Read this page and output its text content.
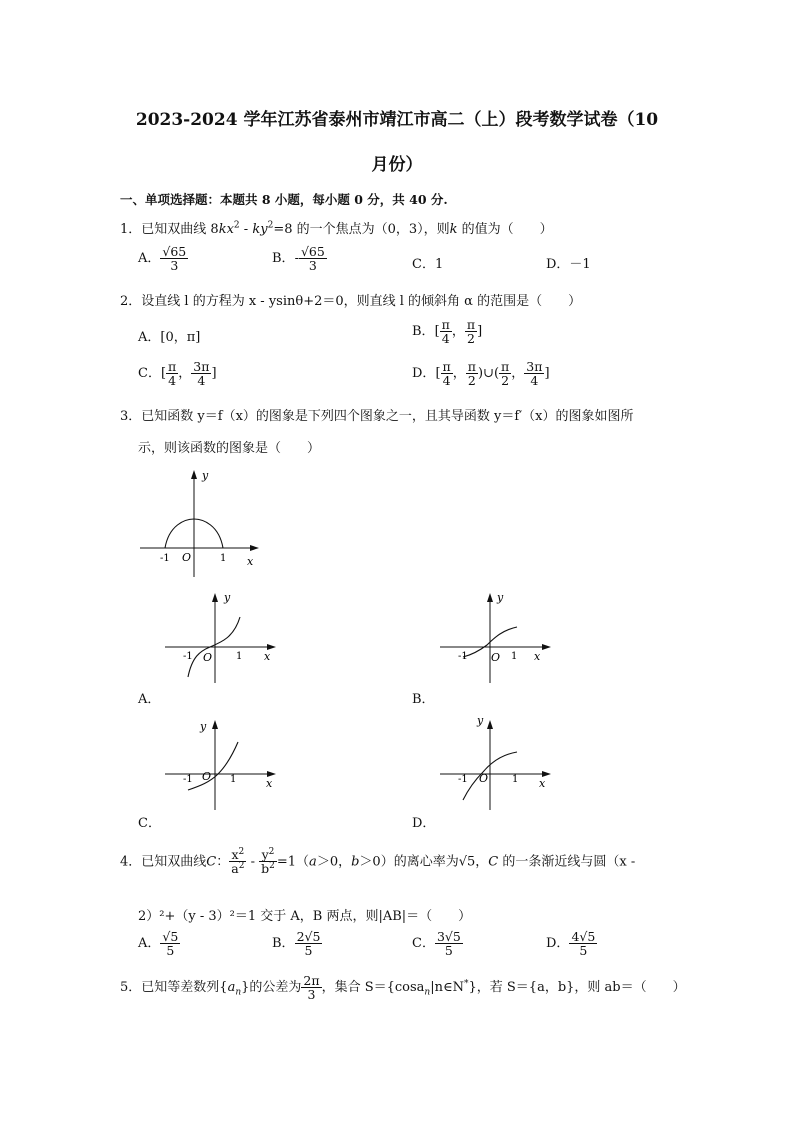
2023-2024 学年江苏省泰州市靖江市高二（上）段考数学试卷（10
月份）
一、单项选择题：本题共 8 小题，每小题 0 分，共 40 分.
1．已知双曲线 $8kx^2 - ky^2=8$ 的一个焦点为（0，3），则k 的值为（　　）
A． $\frac{√65}{3}$	B．- $\frac{√65}{3}$	C．1	D．－1
2．设直线 l 的方程为 x - ysinθ+2＝0，则直线 l 的倾斜角 α 的范围是（　　）
A．[0，π]	B．[ $\frac{\pi}{4}$ ， $\frac{\pi}{2}$ ]
C．[ $\frac{\pi}{4}$ ， $\frac{3\pi}{4}$ ]	D．[ $\frac{\pi}{4}$ ， $\frac{\pi}{2}$ )∪( $\frac{\pi}{2}$ ， $\frac{3\pi}{4}$ ]
3．已知函数 y＝f（x）的图象是下列四个图象之一，且其导函数 y＝f′（x）的图象如图所
示，则该函数的图象是（　　）
y
x
O
-1	1
y
x
O
-1	1
A．
y
x
O
-1	1
B．
y
x
O
-1	1
C．
y
x
O
-1	1
D．
4．已知双曲线C： $\frac{x^2}{a^2} - \frac{y^2}{b^2} =1(a>0$，b＞0）的离心率为√5，C 的一条渐近线与圆（x -
2）²+（y - 3）²＝1 交于 A，B 两点，则|AB|＝（　　）
A． $\frac{√5}{5}$	B． $\frac{2√5}{5}$	C． $\frac{3√5}{5}$	D． $\frac{4√5}{5}$
5．已知等差数列$\{a_n\}$的公差为 $\frac{2\pi}{3}$ ，集合 S＝{cosa$_n$|n∈N*}，若 S＝{a，b}，则 ab＝（　　）
